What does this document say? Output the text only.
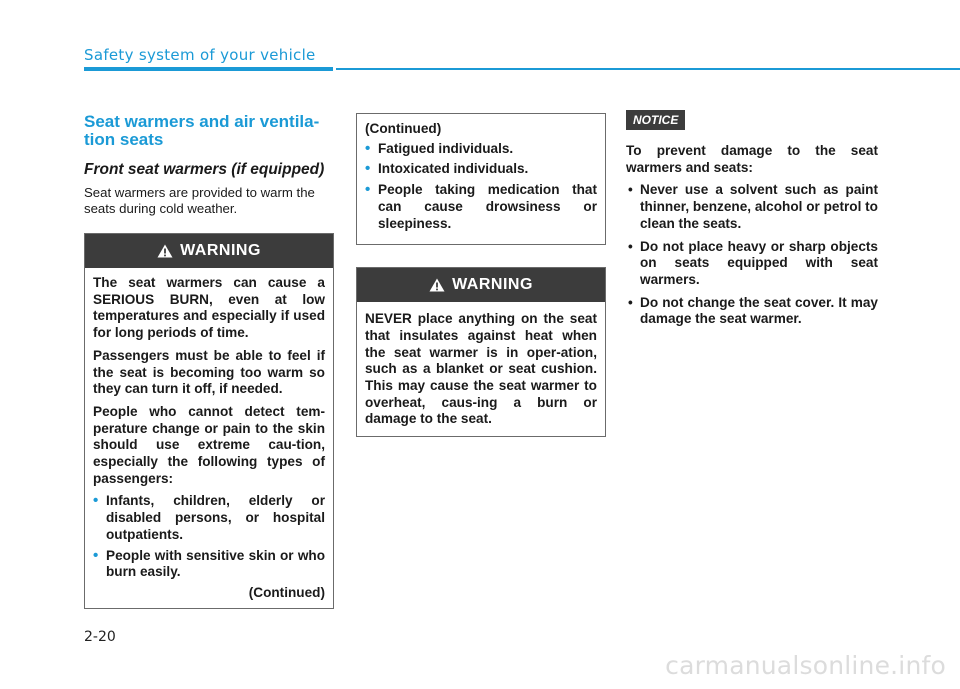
Safety system of your vehicle
Seat warmers and air ventila-
tion seats
Front seat warmers (if equipped)

Seat warmers are provided to warm the seats during cold weather.

WARNING

The seat warmers can cause a SERIOUS BURN, even at low temperatures and especially if used for long periods of time.

Passengers must be able to feel if the seat is becoming too warm so they can turn it off, if needed.

People who cannot detect tem-perature change or pain to the skin should use extreme cau-tion, especially the following types of passengers:

• Infants, children, elderly or disabled persons, or hospital outpatients.
• People with sensitive skin or who burn easily.
(Continued)
(Continued)
• Fatigued individuals.
• Intoxicated individuals.
• People taking medication that can cause drowsiness or sleepiness.
WARNING

NEVER place anything on the seat that insulates against heat when the seat warmer is in oper-ation, such as a blanket or seat cushion. This may cause the seat warmer to overheat, caus-ing a burn or damage to the seat.

NOTICE

To prevent damage to the seat warmers and seats:

• Never use a solvent such as paint thinner, benzene, alcohol or petrol to clean the seats.
• Do not place heavy or sharp objects on seats equipped with seat warmers.
• Do not change the seat cover. It may damage the seat warmer.
2-20
carmanualsonline.info
